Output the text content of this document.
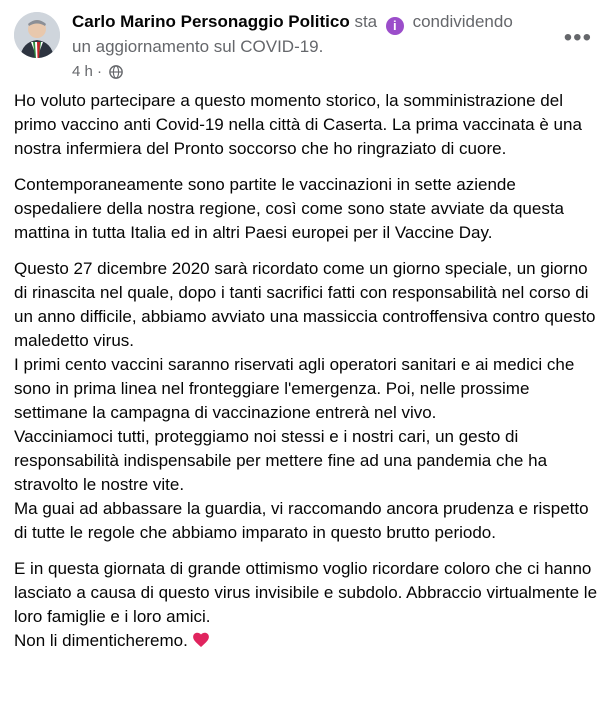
Carlo Marino Personaggio Politico sta i condividendo un aggiornamento sul COVID-19.
4 h ·
•••

Ho voluto partecipare a questo momento storico, la somministrazione del primo vaccino anti Covid-19 nella città di Caserta. La prima vaccinata è una nostra infermiera del Pronto soccorso che ho ringraziato di cuore.

Contemporaneamente sono partite le vaccinazioni in sette aziende ospedaliere della nostra regione, così come sono state avviate da questa mattina in tutta Italia ed in altri Paesi europei per il Vaccine Day.

Questo 27 dicembre 2020 sarà ricordato come un giorno speciale, un giorno di rinascita nel quale, dopo i tanti sacrifici fatti con responsabilità nel corso di un anno difficile, abbiamo avviato una massiccia controffensiva contro questo maledetto virus.

I primi cento vaccini saranno riservati agli operatori sanitari e ai medici che sono in prima linea nel fronteggiare l'emergenza. Poi, nelle prossime settimane la campagna di vaccinazione entrerà nel vivo.

Vacciniamoci tutti, proteggiamo noi stessi e i nostri cari, un gesto di responsabilità indispensabile per mettere fine ad una pandemia che ha stravolto le nostre vite.

Ma guai ad abbassare la guardia, vi raccomando ancora prudenza e rispetto di tutte le regole che abbiamo imparato in questo brutto periodo.

E in questa giornata di grande ottimismo voglio ricordare coloro che ci hanno lasciato a causa di questo virus invisibile e subdolo. Abbraccio virtualmente le loro famiglie e i loro amici.

Non li dimenticheremo.
